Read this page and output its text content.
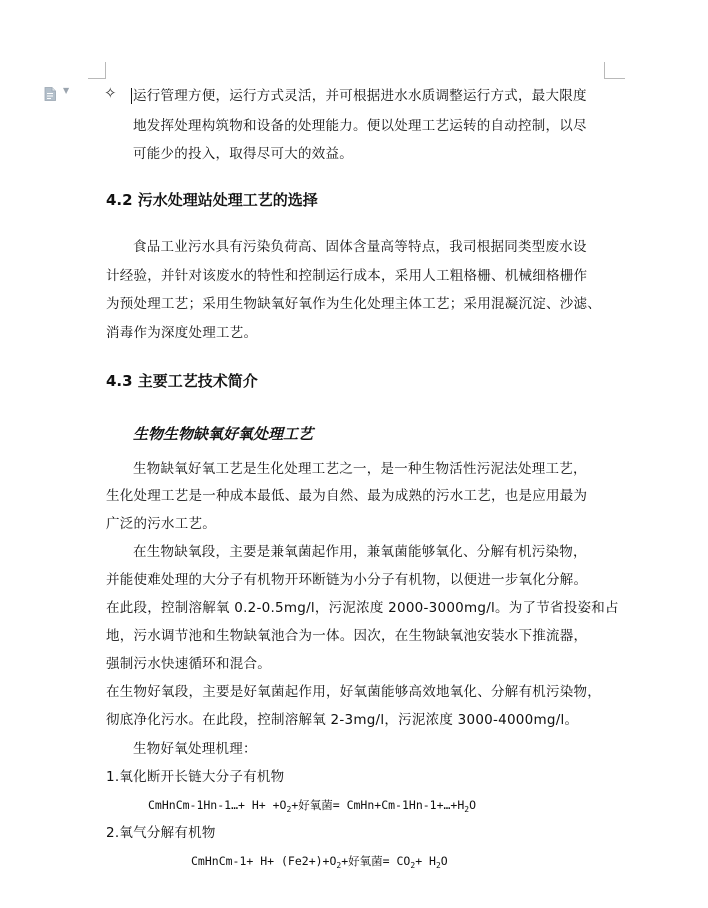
▼ ✧ 运行管理方便，运行方式灵活，并可根据进水水质调整运行方式，最大限度
地发挥处理构筑物和设备的处理能力。便以处理工艺运转的自动控制，以尽
可能少的投入，取得尽可大的效益。
4.2 污水处理站处理工艺的选择
食品工业污水具有污染负荷高、固体含量高等特点，我司根据同类型废水设
计经验，并针对该废水的特性和控制运行成本，采用人工粗格栅、机械细格栅作
为预处理工艺；采用生物缺氧好氧作为生化处理主体工艺；采用混凝沉淀、沙滤、
消毒作为深度处理工艺。
4.3 主要工艺技术简介
生物生物缺氧好氧处理工艺
生物缺氧好氧工艺是生化处理工艺之一，是一种生物活性污泥法处理工艺，
生化处理工艺是一种成本最低、最为自然、最为成熟的污水工艺，也是应用最为
广泛的污水工艺。
在生物缺氧段，主要是兼氧菌起作用，兼氧菌能够氧化、分解有机污染物，
并能使难处理的大分子有机物开环断链为小分子有机物，以便进一步氧化分解。
在此段，控制溶解氧 0.2-0.5mg/l，污泥浓度 2000-3000mg/l。为了节省投姿和占
地，污水调节池和生物缺氧池合为一体。因次，在生物缺氧池安装水下推流器，
强制污水快速循环和混合。
在生物好氧段，主要是好氧菌起作用，好氧菌能够高效地氧化、分解有机污染物，
彻底净化污水。在此段，控制溶解氧 2-3mg/l，污泥浓度 3000-4000mg/l。
生物好氧处理机理：
1.氧化断开长链大分子有机物
CmHnCm-1Hn-1…+ $H+ +O_2+$好氧菌= $CmHn+Cm-1Hn-1+\dots+H_2O$
2.氧气分解有机物
CmHnCm-1+ $H+ (Fe2+)+O_2+$好氧菌= $CO_2+ H_2O$
